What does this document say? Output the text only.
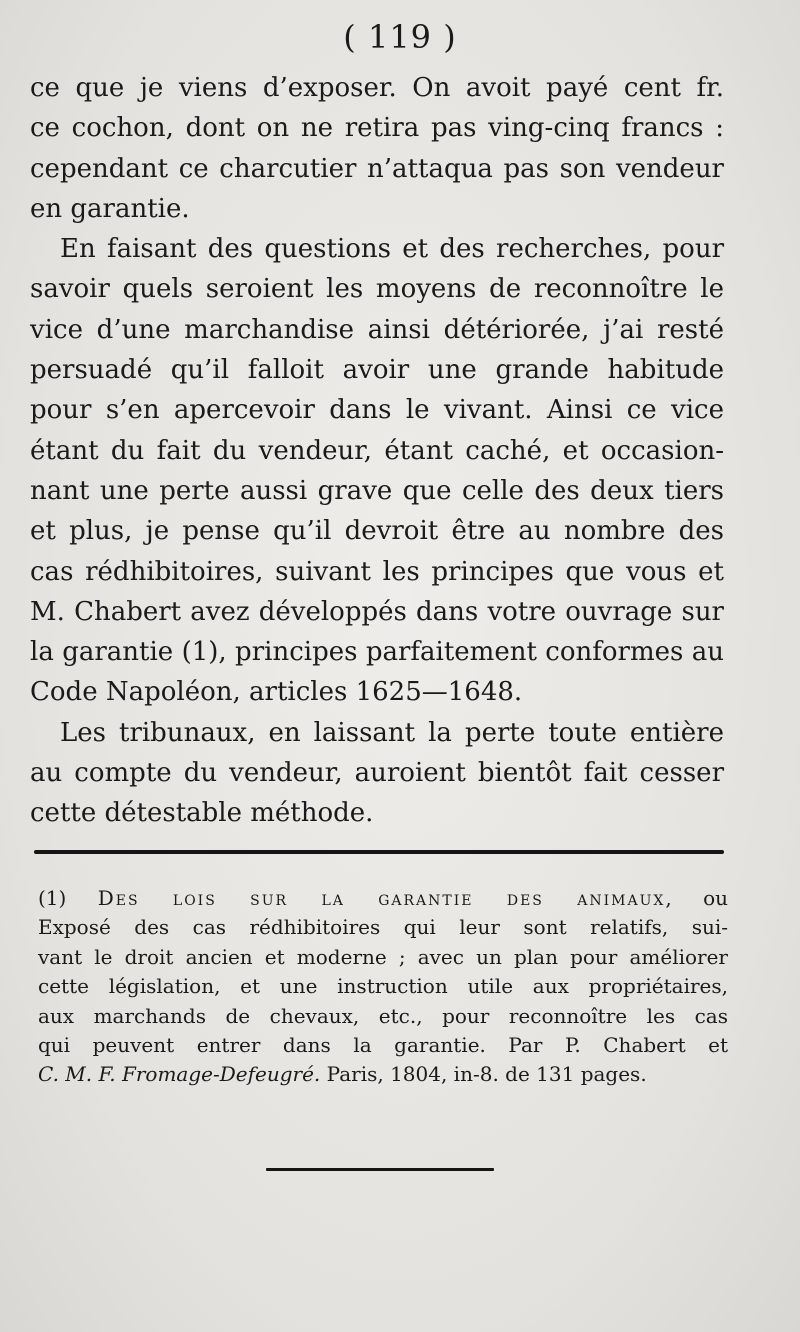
( 119 )
ce que je viens d’exposer. On avoit payé cent fr.
ce cochon, dont on ne retira pas ving-cinq francs :
cependant ce charcutier n’attaqua pas son vendeur
en garantie.
En faisant des questions et des recherches, pour
savoir quels seroient les moyens de reconnoître le
vice d’une marchandise ainsi détériorée, j’ai resté
persuadé qu’il falloit avoir une grande habitude
pour s’en apercevoir dans le vivant. Ainsi ce vice
étant du fait du vendeur, étant caché, et occasion-
nant une perte aussi grave que celle des deux tiers
et plus, je pense qu’il devroit être au nombre des
cas rédhibitoires, suivant les principes que vous et
M. Chabert avez développés dans votre ouvrage sur
la garantie (1), principes parfaitement conformes au
Code Napoléon, articles 1625—1648.
Les tribunaux, en laissant la perte toute entière
au compte du vendeur, auroient bientôt fait cesser
cette détestable méthode.
(1) Des lois sur la garantie des animaux, ou
Exposé des cas rédhibitoires qui leur sont relatifs, sui-
vant le droit ancien et moderne ; avec un plan pour améliorer
cette législation, et une instruction utile aux propriétaires,
aux marchands de chevaux, etc., pour reconnoître les cas
qui peuvent entrer dans la garantie. Par P. Chabert et
C. M. F. Fromage-Defeugré. Paris, 1804, in-8. de 131 pages.
